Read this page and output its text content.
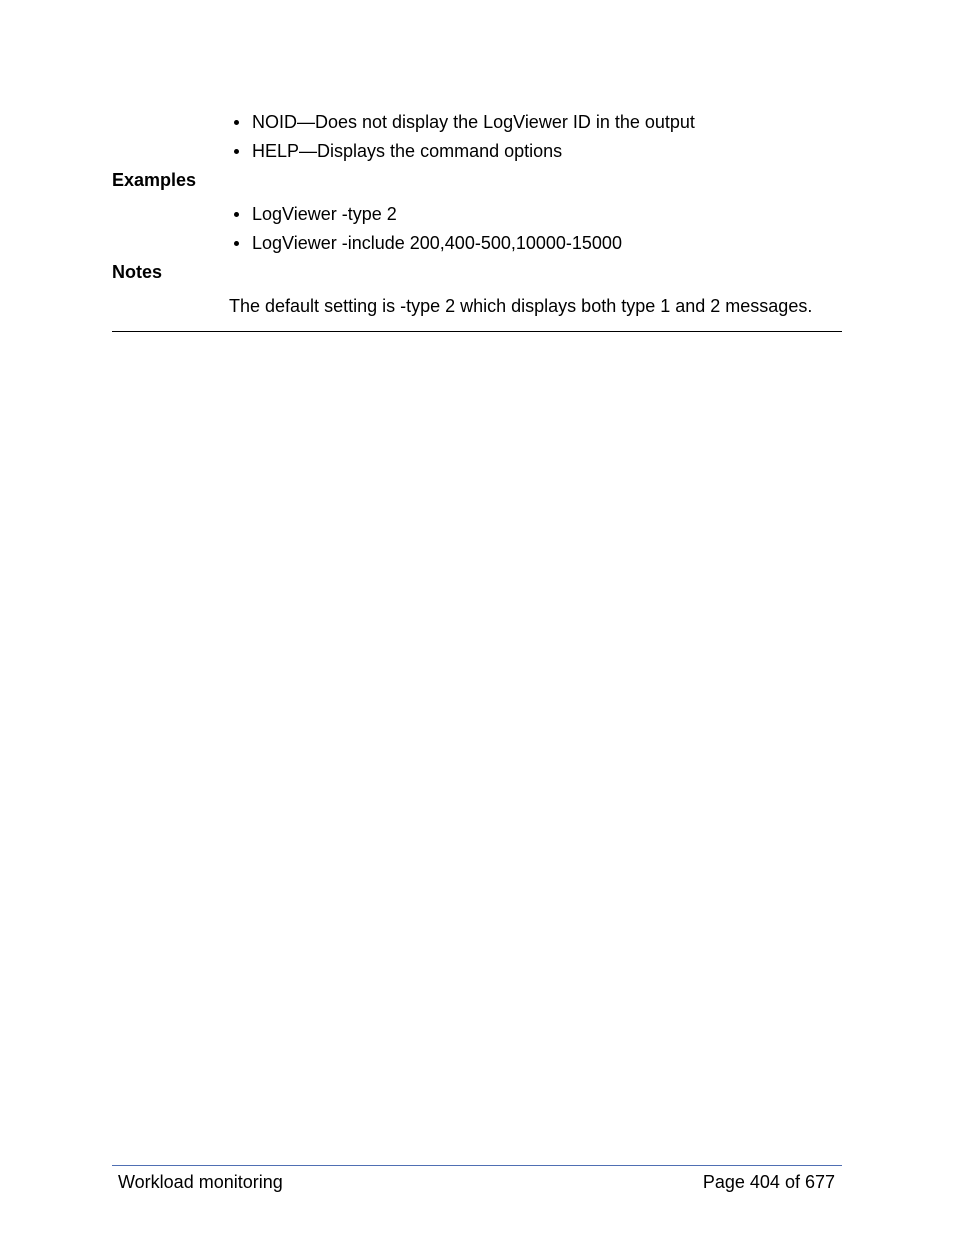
NOID—Does not display the LogViewer ID in the output
HELP—Displays the command options
Examples
LogViewer -type 2
LogViewer -include 200,400-500,10000-15000
Notes

The default setting is -type 2 which displays both type 1 and 2 messages.

Workload monitoring	Page 404 of 677
